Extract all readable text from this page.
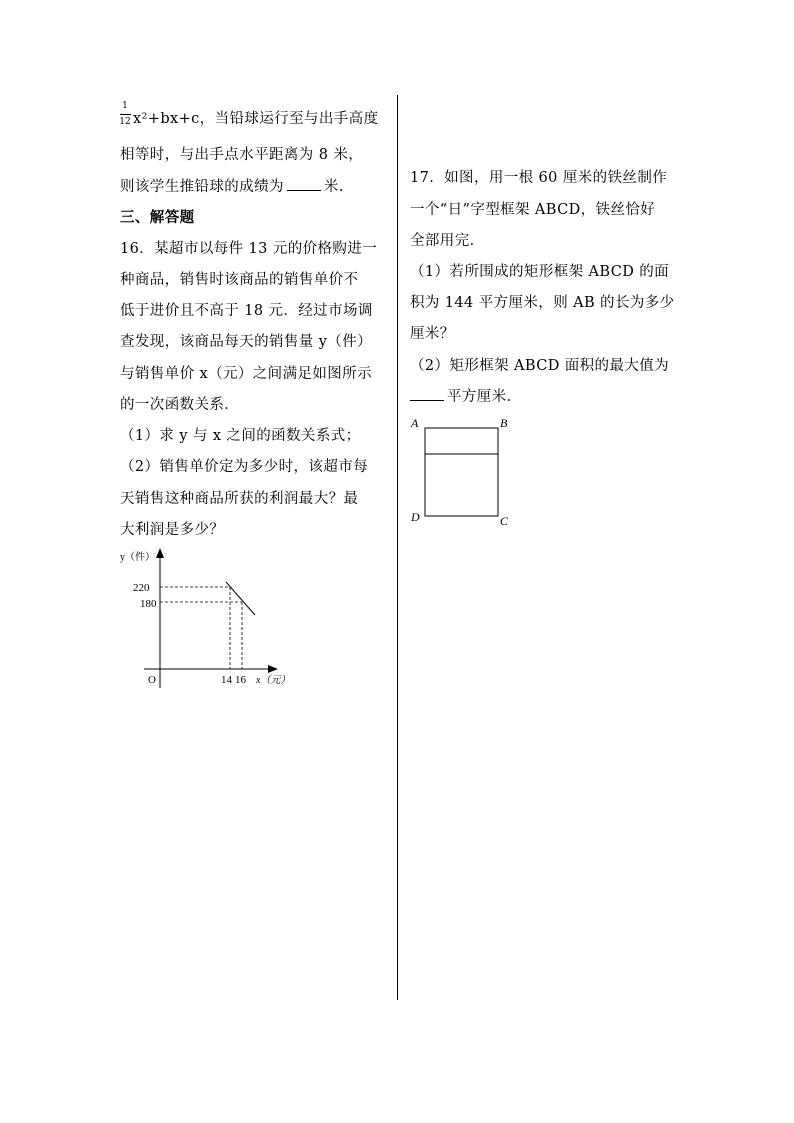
1
12 x²+bx+c，当铅球运行至与出手高度
相等时，与出手点水平距离为 8 米，
则该学生推铅球的成绩为	米.
三、解答题
16．某超市以每件 13 元的价格购进一
种商品，销售时该商品的销售单价不
低于进价且不高于 18 元．经过市场调
查发现，该商品每天的销售量 y（件）
与销售单价 x（元）之间满足如图所示
的一次函数关系．
（1）求 y 与 x 之间的函数关系式；
（2）销售单价定为多少时，该超市每
天销售这种商品所获的利润最大？最
大利润是多少？
y（件）
220
180
O	14 16 x（元）
17．如图，用一根 60 厘米的铁丝制作
一个“日”字型框架 ABCD，铁丝恰好
全部用完．
（1）若所围成的矩形框架 ABCD 的面
积为 144 平方厘米，则 AB 的长为多少
厘米？
（2）矩形框架 ABCD 面积的最大值为
平方厘米．
A	B
C
D
